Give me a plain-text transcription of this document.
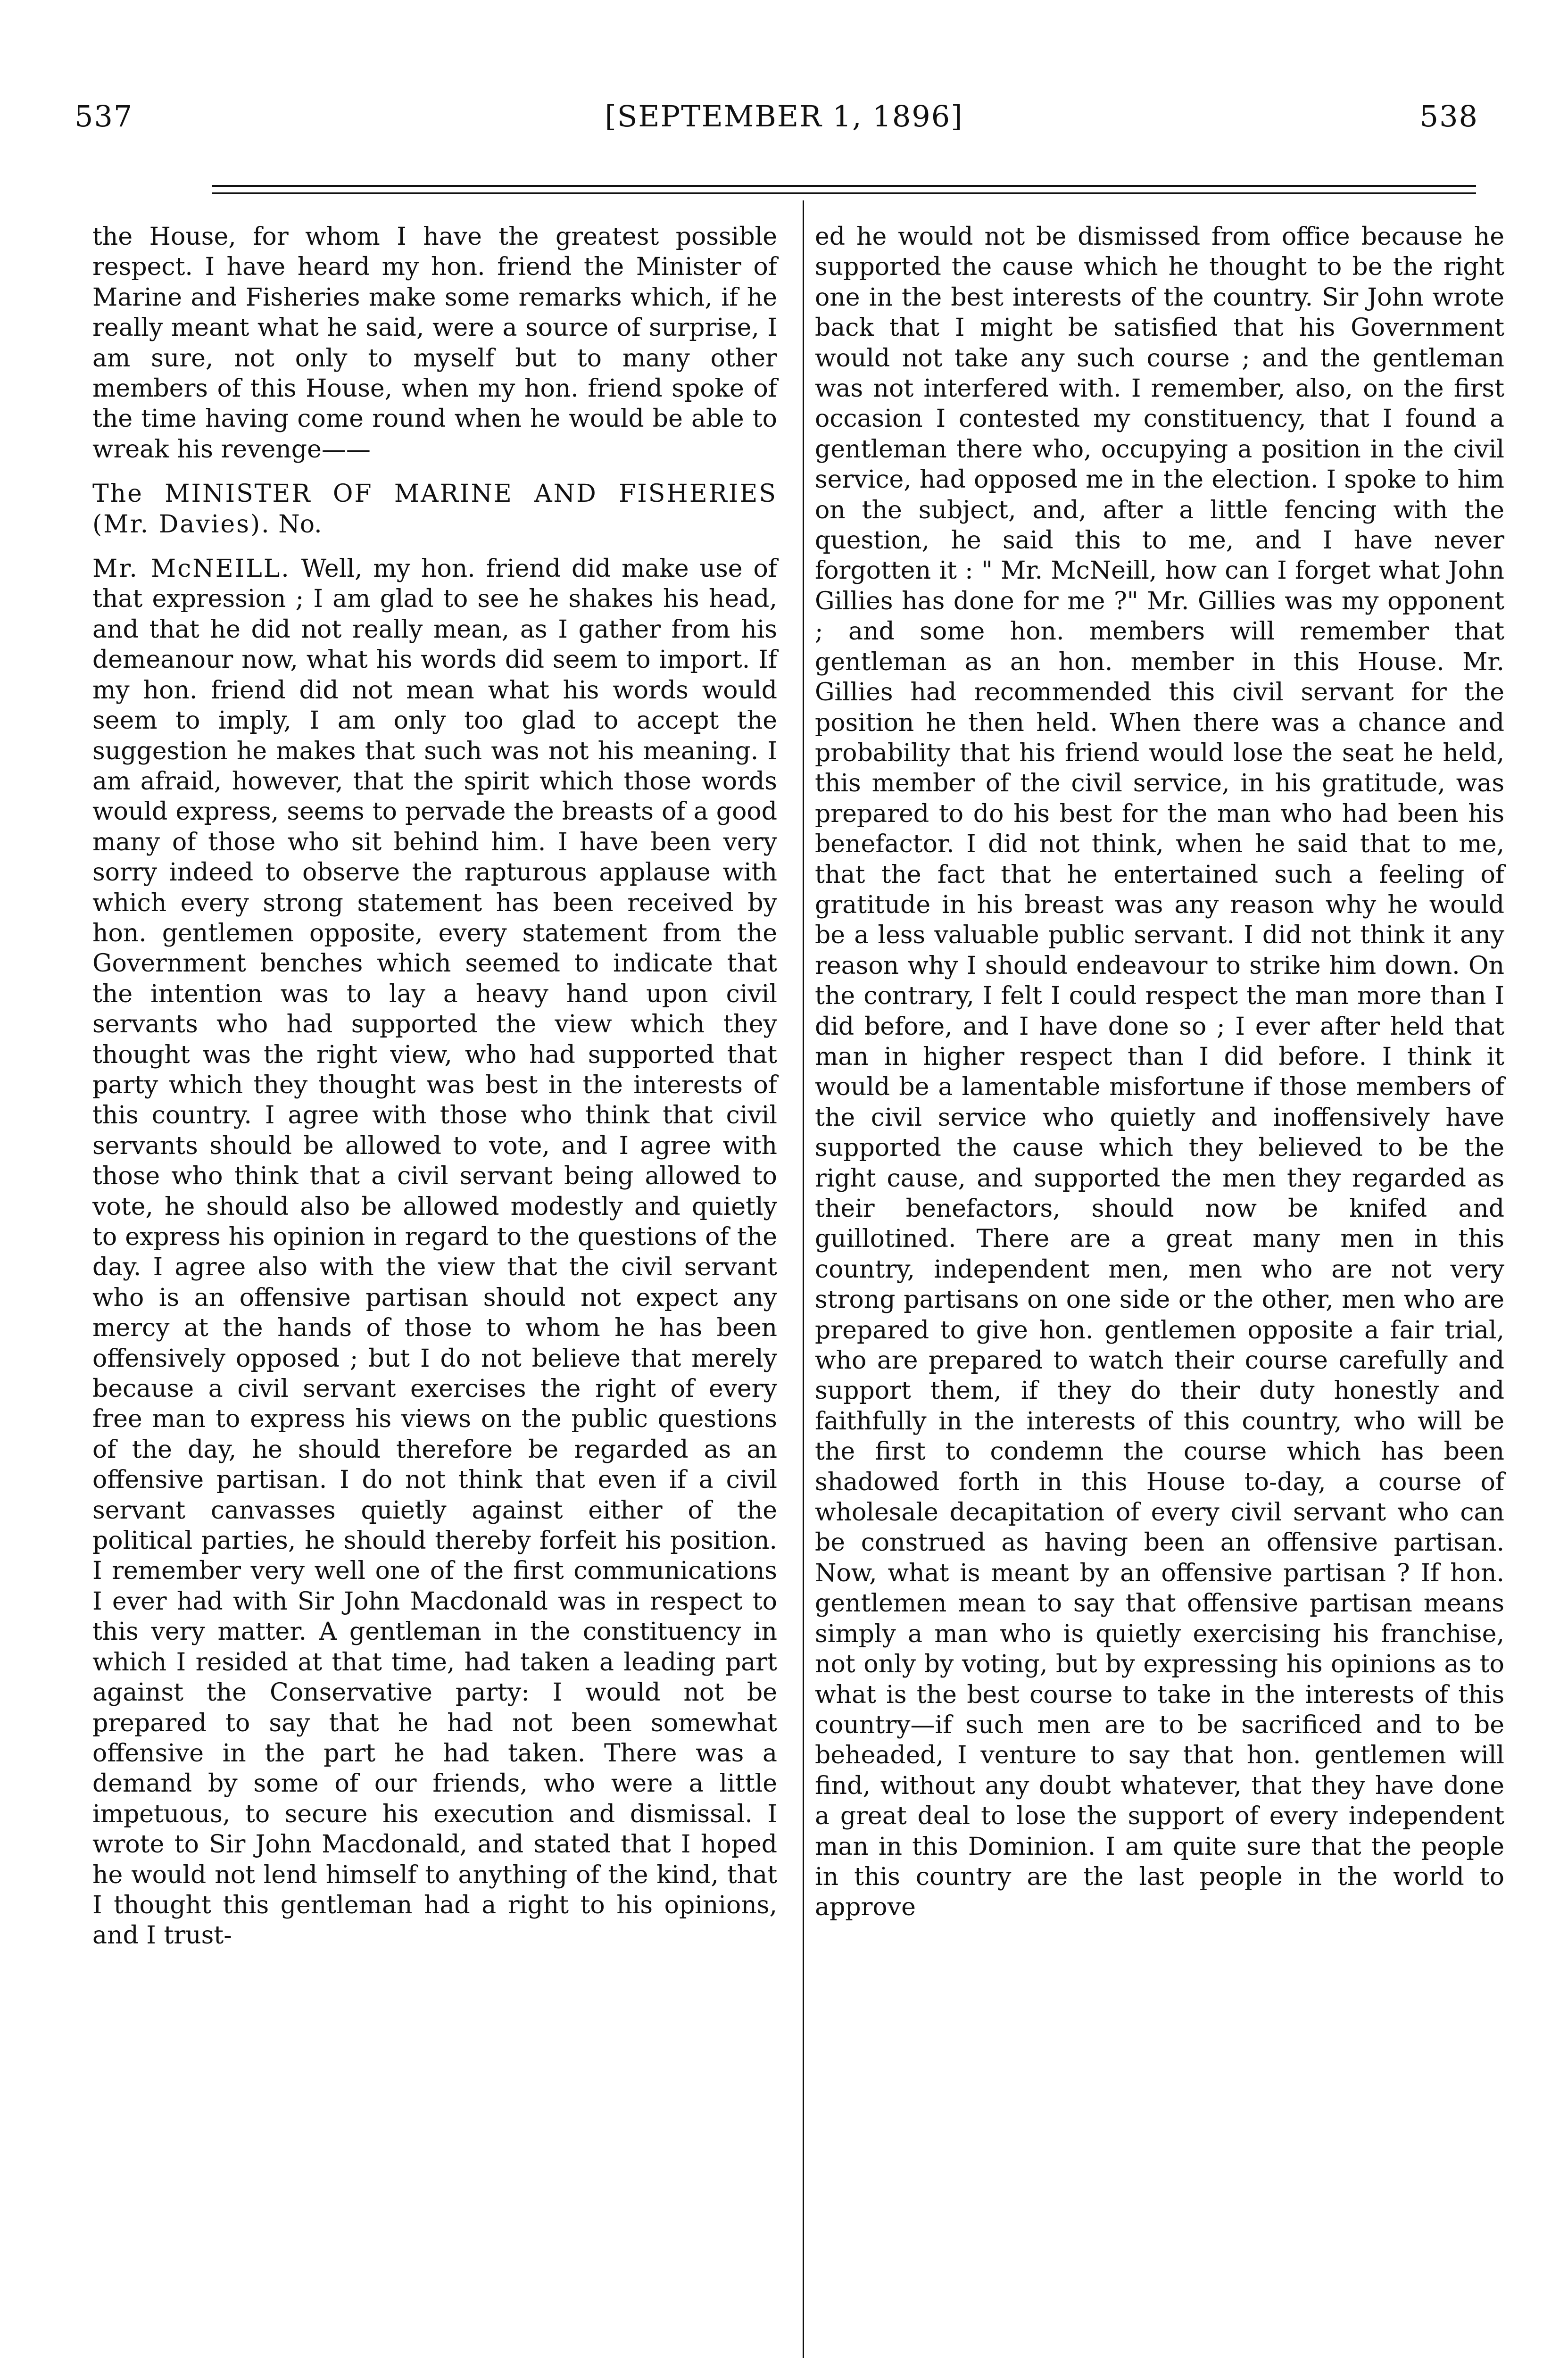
537	[SEPTEMBER 1, 1896]	538

the House, for whom I have the greatest possible respect. I have heard my hon. friend the Minister of Marine and Fisheries make some remarks which, if he really meant what he said, were a source of surprise, I am sure, not only to myself but to many other members of this House, when my hon. friend spoke of the time having come round when he would be able to wreak his revenge——

The MINISTER OF MARINE AND FISHERIES (Mr. Davies). No.

Mr. McNEILL. Well, my hon. friend did make use of that expression ; I am glad to see he shakes his head, and that he did not really mean, as I gather from his demeanour now, what his words did seem to import. If my hon. friend did not mean what his words would seem to imply, I am only too glad to accept the suggestion he makes that such was not his meaning. I am afraid, however, that the spirit which those words would express, seems to pervade the breasts of a good many of those who sit behind him. I have been very sorry indeed to observe the rapturous applause with which every strong statement has been received by hon. gentlemen opposite, every statement from the Government benches which seemed to indicate that the intention was to lay a heavy hand upon civil servants who had supported the view which they thought was the right view, who had supported that party which they thought was best in the interests of this country. I agree with those who think that civil servants should be allowed to vote, and I agree with those who think that a civil servant being allowed to vote, he should also be allowed modestly and quietly to express his opinion in regard to the questions of the day. I agree also with the view that the civil servant who is an offensive partisan should not expect any mercy at the hands of those to whom he has been offensively opposed ; but I do not believe that merely because a civil servant exercises the right of every free man to express his views on the public questions of the day, he should therefore be regarded as an offensive partisan. I do not think that even if a civil servant canvasses quietly against either of the political parties, he should thereby forfeit his position. I remember very well one of the first communications I ever had with Sir John Macdonald was in respect to this very matter. A gentleman in the constituency in which I resided at that time, had taken a leading part against the Conservative party: I would not be prepared to say that he had not been somewhat offensive in the part he had taken. There was a demand by some of our friends, who were a little impetuous, to secure his execution and dismissal. I wrote to Sir John Macdonald, and stated that I hoped he would not lend himself to anything of the kind, that I thought this gentleman had a right to his opinions, and I trust-

ed he would not be dismissed from office because he supported the cause which he thought to be the right one in the best interests of the country. Sir John wrote back that I might be satisfied that his Government would not take any such course ; and the gentleman was not interfered with. I remember, also, on the first occasion I contested my constituency, that I found a gentleman there who, occupying a position in the civil service, had opposed me in the election. I spoke to him on the subject, and, after a little fencing with the question, he said this to me, and I have never forgotten it : " Mr. McNeill, how can I forget what John Gillies has done for me ?" Mr. Gillies was my opponent ; and some hon. members will remember that gentleman as an hon. member in this House. Mr. Gillies had recommended this civil servant for the position he then held. When there was a chance and probability that his friend would lose the seat he held, this member of the civil service, in his gratitude, was prepared to do his best for the man who had been his benefactor. I did not think, when he said that to me, that the fact that he entertained such a feeling of gratitude in his breast was any reason why he would be a less valuable public servant. I did not think it any reason why I should endeavour to strike him down. On the contrary, I felt I could respect the man more than I did before, and I have done so ; I ever after held that man in higher respect than I did before. I think it would be a lamentable misfortune if those members of the civil service who quietly and inoffensively have supported the cause which they believed to be the right cause, and supported the men they regarded as their benefactors, should now be knifed and guillotined. There are a great many men in this country, independent men, men who are not very strong partisans on one side or the other, men who are prepared to give hon. gentlemen opposite a fair trial, who are prepared to watch their course carefully and support them, if they do their duty honestly and faithfully in the interests of this country, who will be the first to condemn the course which has been shadowed forth in this House to-day, a course of wholesale decapitation of every civil servant who can be construed as having been an offensive partisan. Now, what is meant by an offensive partisan ? If hon. gentlemen mean to say that offensive partisan means simply a man who is quietly exercising his franchise, not only by voting, but by expressing his opinions as to what is the best course to take in the interests of this country—if such men are to be sacrificed and to be beheaded, I venture to say that hon. gentlemen will find, without any doubt whatever, that they have done a great deal to lose the support of every independent man in this Dominion. I am quite sure that the people in this country are the last people in the world to approve
